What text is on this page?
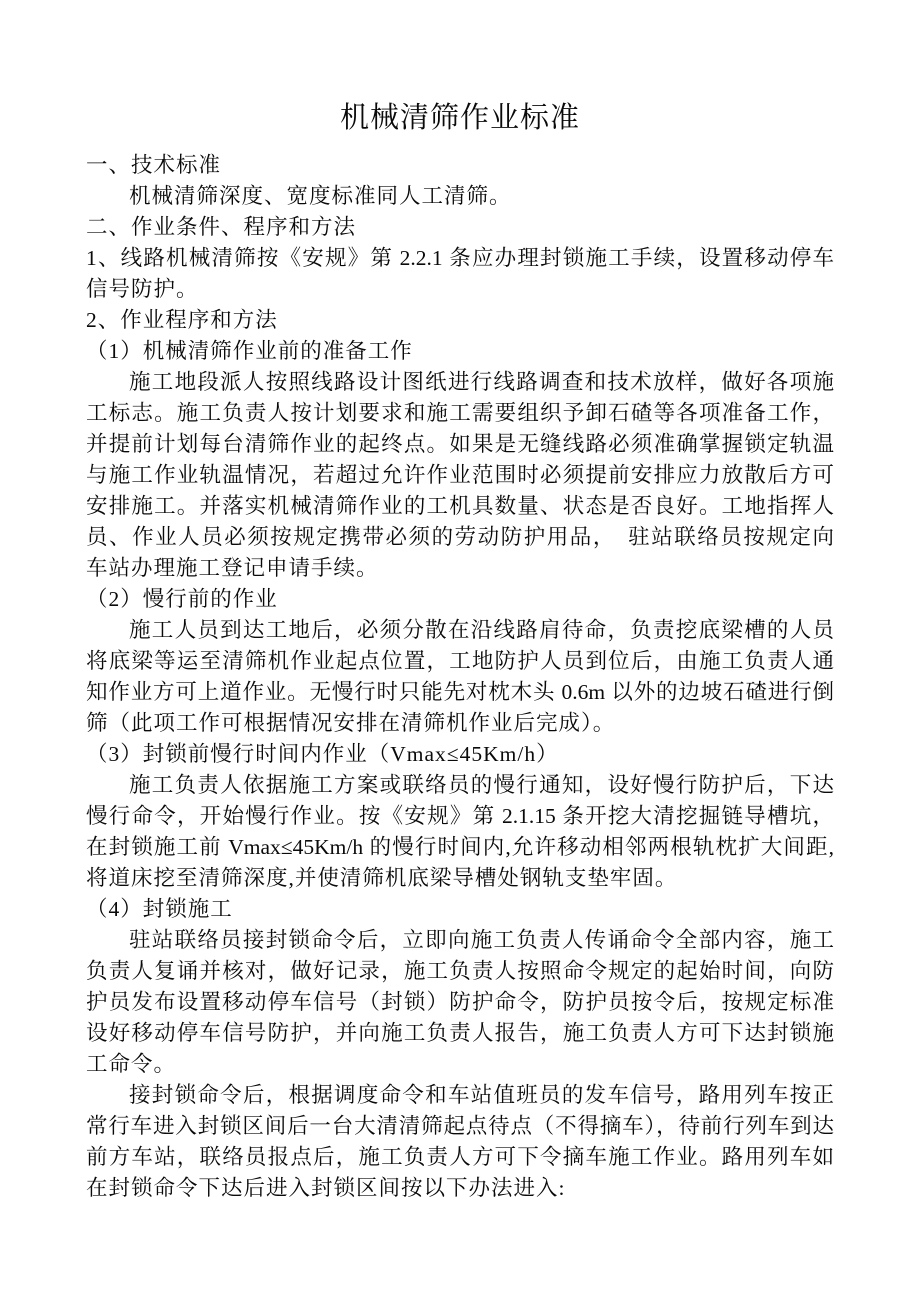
机械清筛作业标准

一、技术标准

机械清筛深度、宽度标准同人工清筛。

二、作业条件、程序和方法

1、线路机械清筛按《安规》第 2.2.1 条应办理封锁施工手续，设置移动停车

信号防护。

2、作业程序和方法

（1）机械清筛作业前的准备工作

施工地段派人按照线路设计图纸进行线路调查和技术放样，做好各项施

工标志。施工负责人按计划要求和施工需要组织予卸石碴等各项准备工作，

并提前计划每台清筛作业的起终点。如果是无缝线路必须准确掌握锁定轨温

与施工作业轨温情况，若超过允许作业范围时必须提前安排应力放散后方可

安排施工。并落实机械清筛作业的工机具数量、状态是否良好。工地指挥人

员、作业人员必须按规定携带必须的劳动防护用品，　驻站联络员按规定向

车站办理施工登记申请手续。

（2）慢行前的作业

施工人员到达工地后，必须分散在沿线路肩待命，负责挖底梁槽的人员

将底梁等运至清筛机作业起点位置，工地防护人员到位后，由施工负责人通

知作业方可上道作业。无慢行时只能先对枕木头 0.6m 以外的边坡石碴进行倒

筛（此项工作可根据情况安排在清筛机作业后完成）。

（3）封锁前慢行时间内作业（Vmax≤45Km/h）

施工负责人依据施工方案或联络员的慢行通知，设好慢行防护后，下达

慢行命令，开始慢行作业。按《安规》第 2.1.15 条开挖大清挖掘链导槽坑，

在封锁施工前 Vmax≤45Km/h 的慢行时间内,允许移动相邻两根轨枕扩大间距,

将道床挖至清筛深度,并使清筛机底梁导槽处钢轨支垫牢固。

（4）封锁施工

驻站联络员接封锁命令后，立即向施工负责人传诵命令全部内容，施工

负责人复诵并核对，做好记录，施工负责人按照命令规定的起始时间，向防

护员发布设置移动停车信号（封锁）防护命令，防护员按令后，按规定标准

设好移动停车信号防护，并向施工负责人报告，施工负责人方可下达封锁施

工命令。

接封锁命令后，根据调度命令和车站值班员的发车信号，路用列车按正

常行车进入封锁区间后一台大清清筛起点待点（不得摘车），待前行列车到达

前方车站，联络员报点后，施工负责人方可下令摘车施工作业。路用列车如

在封锁命令下达后进入封锁区间按以下办法进入:
